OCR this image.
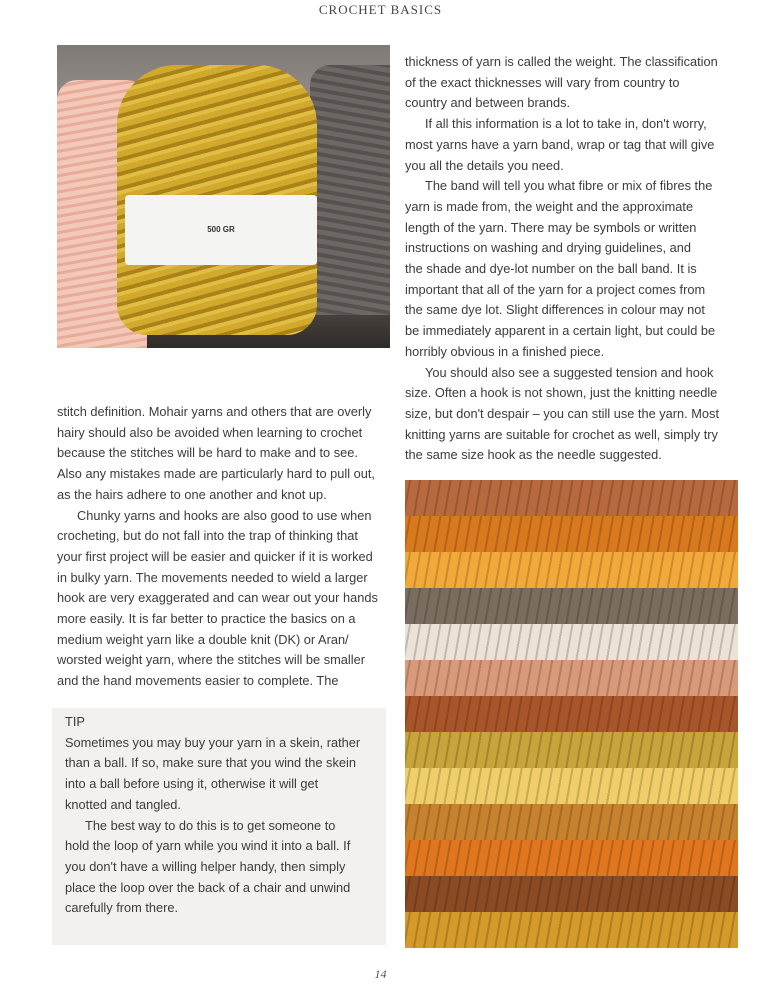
CROCHET BASICS
500 GR
stitch definition. Mohair yarns and others that are overly
hairy should also be avoided when learning to crochet
because the stitches will be hard to make and to see.
Also any mistakes made are particularly hard to pull out,
as the hairs adhere to one another and knot up.
Chunky yarns and hooks are also good to use when
crocheting, but do not fall into the trap of thinking that
your first project will be easier and quicker if it is worked
in bulky yarn. The movements needed to wield a larger
hook are very exaggerated and can wear out your hands
more easily. It is far better to practice the basics on a
medium weight yarn like a double knit (DK) or Aran/
worsted weight yarn, where the stitches will be smaller
and the hand movements easier to complete. The
TIP
Sometimes you may buy your yarn in a skein, rather
than a ball. If so, make sure that you wind the skein
into a ball before using it, otherwise it will get
knotted and tangled.
The best way to do this is to get someone to
hold the loop of yarn while you wind it into a ball. If
you don't have a willing helper handy, then simply
place the loop over the back of a chair and unwind
carefully from there.
thickness of yarn is called the weight. The classification
of the exact thicknesses will vary from country to
country and between brands.
If all this information is a lot to take in, don't worry,
most yarns have a yarn band, wrap or tag that will give
you all the details you need.
The band will tell you what fibre or mix of fibres the
yarn is made from, the weight and the approximate
length of the yarn. There may be symbols or written
instructions on washing and drying guidelines, and
the shade and dye-lot number on the ball band. It is
important that all of the yarn for a project comes from
the same dye lot. Slight differences in colour may not
be immediately apparent in a certain light, but could be
horribly obvious in a finished piece.
You should also see a suggested tension and hook
size. Often a hook is not shown, just the knitting needle
size, but don't despair – you can still use the yarn. Most
knitting yarns are suitable for crochet as well, simply try
the same size hook as the needle suggested.
14
